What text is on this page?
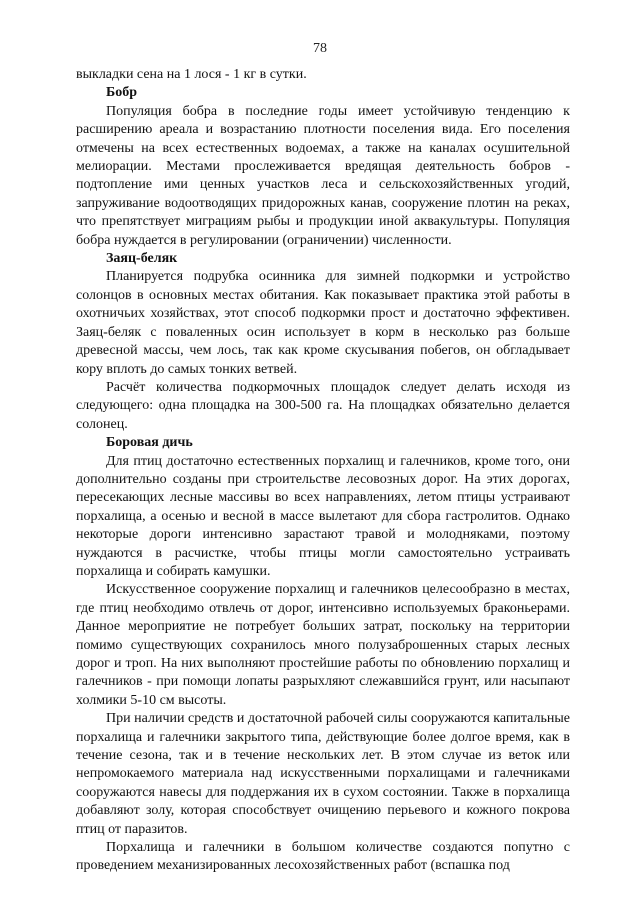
78

выкладки сена на 1 лося - 1 кг в сутки.

Бобр

Популяция бобра в последние годы имеет устойчивую тенденцию к расширению ареала и возрастанию плотности поселения вида. Его поселения отмечены на всех естественных водоемах, а также на каналах осушительной мелиорации. Местами прослеживается вредящая деятельность бобров - подтопление ими ценных участков леса и сельскохозяйственных угодий, запруживание водоотводящих придорожных канав, сооружение плотин на реках, что препятствует миграциям рыбы и продукции иной аквакультуры. Популяция бобра нуждается в регулировании (ограничении) численности.

Заяц-беляк

Планируется подрубка осинника для зимней подкормки и устройство солонцов в основных местах обитания. Как показывает практика этой работы в охотничьих хозяйствах, этот способ подкормки прост и достаточно эффективен. Заяц-беляк с поваленных осин использует в корм в несколько раз больше древесной массы, чем лось, так как кроме скусывания побегов, он обгладывает кору вплоть до самых тонких ветвей.

Расчёт количества подкормочных площадок следует делать исходя из следующего: одна площадка на 300-500 га. На площадках обязательно делается солонец.

Боровая дичь

Для птиц достаточно естественных порхалищ и галечников, кроме того, они дополнительно созданы при строительстве лесовозных дорог. На этих дорогах, пересекающих лесные массивы во всех направлениях, летом птицы устраивают порхалища, а осенью и весной в массе вылетают для сбора гастролитов. Однако некоторые дороги интенсивно зарастают травой и молодняками, поэтому нуждаются в расчистке, чтобы птицы могли самостоятельно устраивать порхалища и собирать камушки.

Искусственное сооружение порхалищ и галечников целесообразно в местах, где птиц необходимо отвлечь от дорог, интенсивно используемых браконьерами. Данное мероприятие не потребует больших затрат, поскольку на территории помимо существующих сохранилось много полузаброшенных старых лесных дорог и троп. На них выполняют простейшие работы по обновлению порхалищ и галечников - при помощи лопаты разрыхляют слежавшийся грунт, или насыпают холмики 5-10 см высоты.

При наличии средств и достаточной рабочей силы сооружаются капитальные порхалища и галечники закрытого типа, действующие более долгое время, как в течение сезона, так и в течение нескольких лет. В этом случае из веток или непромокаемого материала над искусственными порхалищами и галечниками сооружаются навесы для поддержания их в сухом состоянии. Также в порхалища добавляют золу, которая способствует очищению перьевого и кожного покрова птиц от паразитов.

Порхалища и галечники в большом количестве создаются попутно с проведением механизированных лесохозяйственных работ (вспашка под
